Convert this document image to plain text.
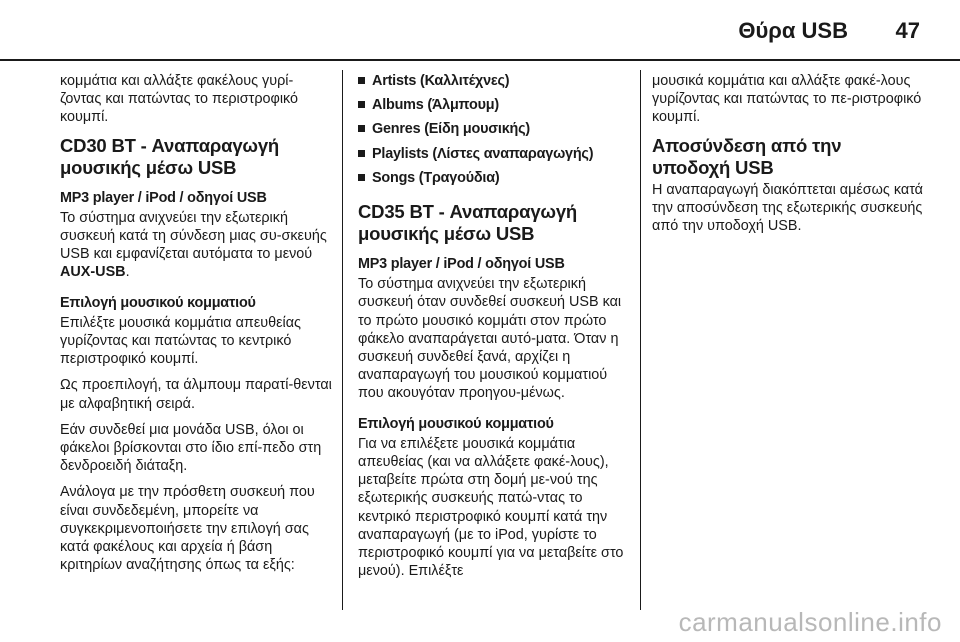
Θύρα USB 47

κομμάτια και αλλάξτε φακέλους γυρί-ζοντας και πατώντας το περιστροφικό κουμπί.

CD30 BT - Αναπαραγωγή μουσικής μέσω USB
MP3 player / iPod / οδηγοί USB

Το σύστημα ανιχνεύει την εξωτερική συσκευή κατά τη σύνδεση μιας συ-σκευής USB και εμφανίζεται αυτόματα το μενού AUX-USB.

Επιλογή μουσικού κομματιού

Επιλέξτε μουσικά κομμάτια απευθείας γυρίζοντας και πατώντας το κεντρικό περιστροφικό κουμπί.

Ως προεπιλογή, τα άλμπουμ παρατί-θενται με αλφαβητική σειρά.

Εάν συνδεθεί μια μονάδα USB, όλοι οι φάκελοι βρίσκονται στο ίδιο επί-πεδο στη δενδροειδή διάταξη.

Ανάλογα με την πρόσθετη συσκευή που είναι συνδεδεμένη, μπορείτε να συγκεκριμενοποιήσετε την επιλογή σας κατά φακέλους και αρχεία ή βάση κριτηρίων αναζήτησης όπως τα εξής:

Artists (Καλλιτέχνες)
Albums (Άλμπουμ)
Genres (Είδη μουσικής)
Playlists (Λίστες αναπαραγωγής)
Songs (Τραγούδια)
CD35 BT - Αναπαραγωγή μουσικής μέσω USB
MP3 player / iPod / οδηγοί USB

Το σύστημα ανιχνεύει την εξωτερική συσκευή όταν συνδεθεί συσκευή USB και το πρώτο μουσικό κομμάτι στον πρώτο φάκελο αναπαράγεται αυτό-ματα. Όταν η συσκευή συνδεθεί ξανά, αρχίζει η αναπαραγωγή του μουσικού κομματιού που ακουγόταν προηγου-μένως.

Επιλογή μουσικού κομματιού

Για να επιλέξετε μουσικά κομμάτια απευθείας (και να αλλάξετε φακέ-λους), μεταβείτε πρώτα στη δομή με-νού της εξωτερικής συσκευής πατώ-ντας το κεντρικό περιστροφικό κουμπί κατά την αναπαραγωγή (με το iPod, γυρίστε το περιστροφικό κουμπί για να μεταβείτε στο μενού). Επιλέξτε

μουσικά κομμάτια και αλλάξτε φακέ-λους γυρίζοντας και πατώντας το πε-ριστροφικό κουμπί.

Αποσύνδεση από την υποδοχή USB

Η αναπαραγωγή διακόπτεται αμέσως κατά την αποσύνδεση της εξωτερικής συσκευής από την υποδοχή USB.

carmanualsonline.info
